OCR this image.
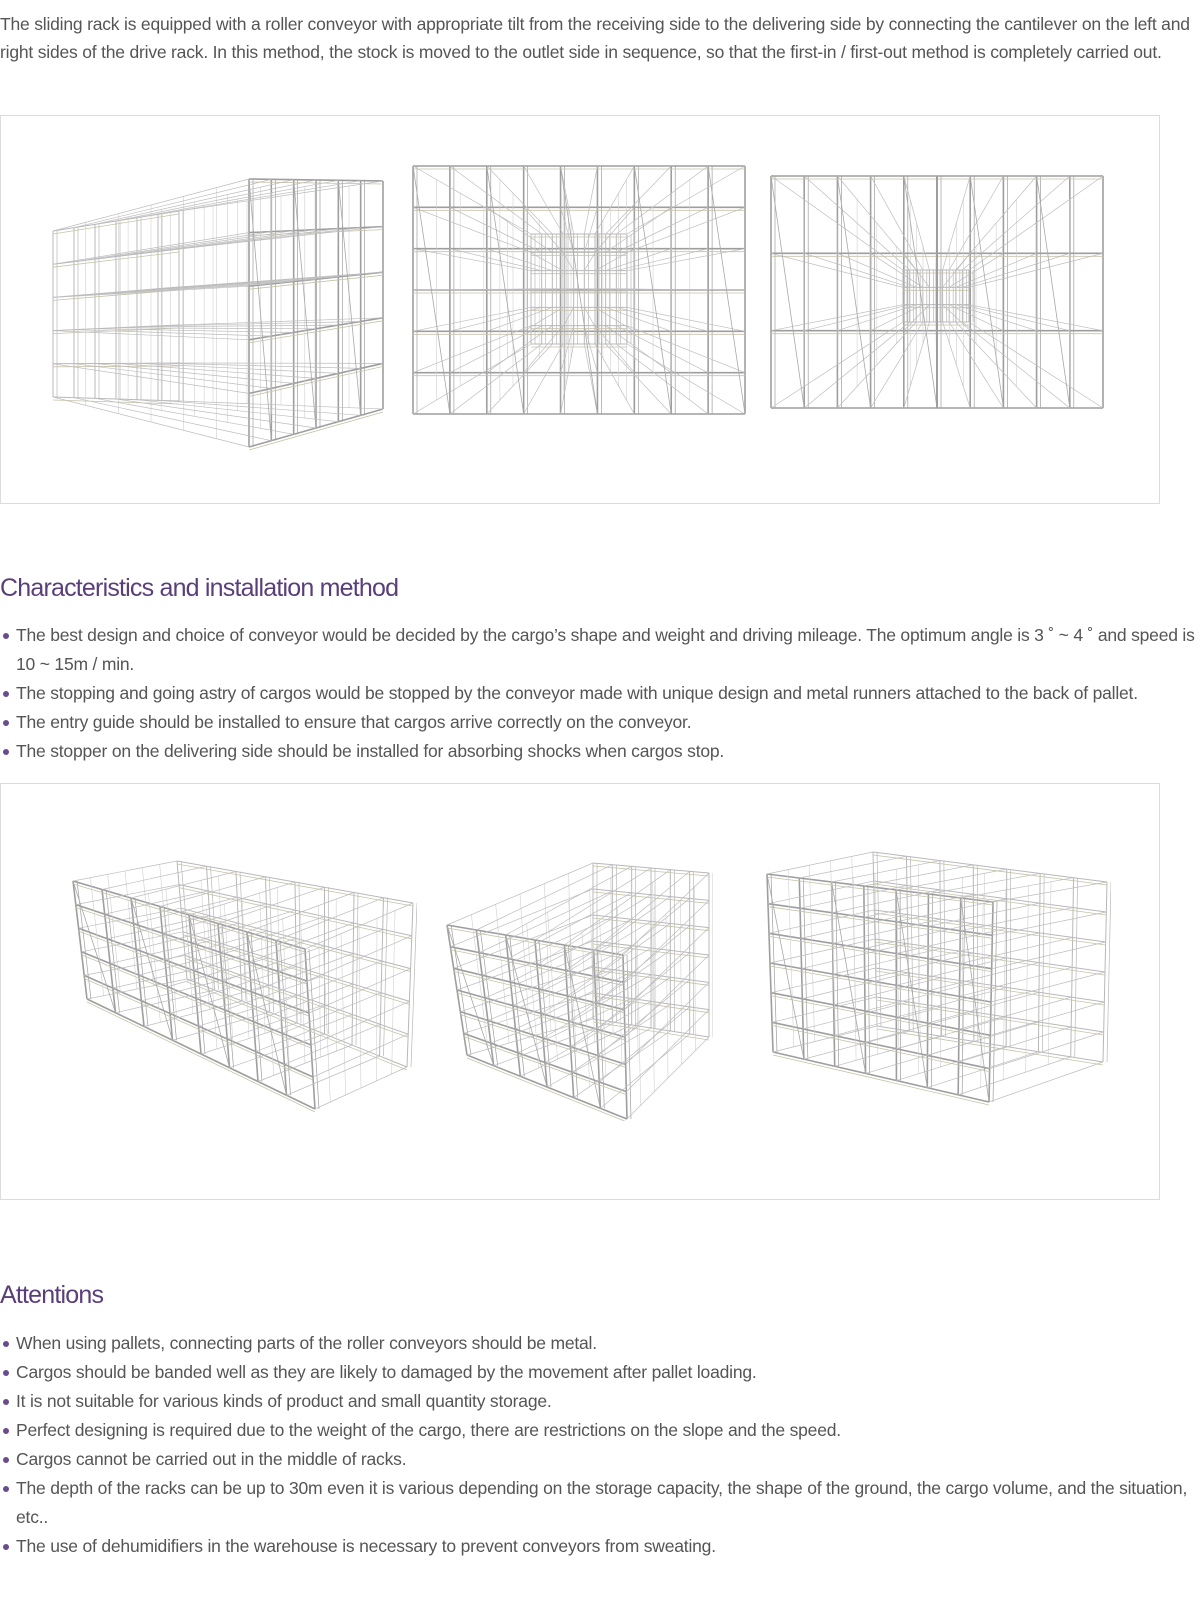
The sliding rack is equipped with a roller conveyor with appropriate tilt from the receiving side to the delivering side by connecting the cantilever on the left and right sides of the drive rack. In this method, the stock is moved to the outlet side in sequence, so that the first-in / first-out method is completely carried out.

Characteristics and installation method
The best design and choice of conveyor would be decided by the cargo’s shape and weight and driving mileage. The optimum angle is 3 ˚ ~ 4 ˚ and speed is 10 ~ 15m / min.
The stopping and going astry of cargos would be stopped by the conveyor made with unique design and metal runners attached to the back of pallet.
The entry guide should be installed to ensure that cargos arrive correctly on the conveyor.
The stopper on the delivering side should be installed for absorbing shocks when cargos stop.
Attentions
When using pallets, connecting parts of the roller conveyors should be metal.
Cargos should be banded well as they are likely to damaged by the movement after pallet loading.
It is not suitable for various kinds of product and small quantity storage.
Perfect designing is required due to the weight of the cargo, there are restrictions on the slope and the speed.
Cargos cannot be carried out in the middle of racks.
The depth of the racks can be up to 30m even it is various depending on the storage capacity, the shape of the ground, the cargo volume, and the situation, etc..
The use of dehumidifiers in the warehouse is necessary to prevent conveyors from sweating.
